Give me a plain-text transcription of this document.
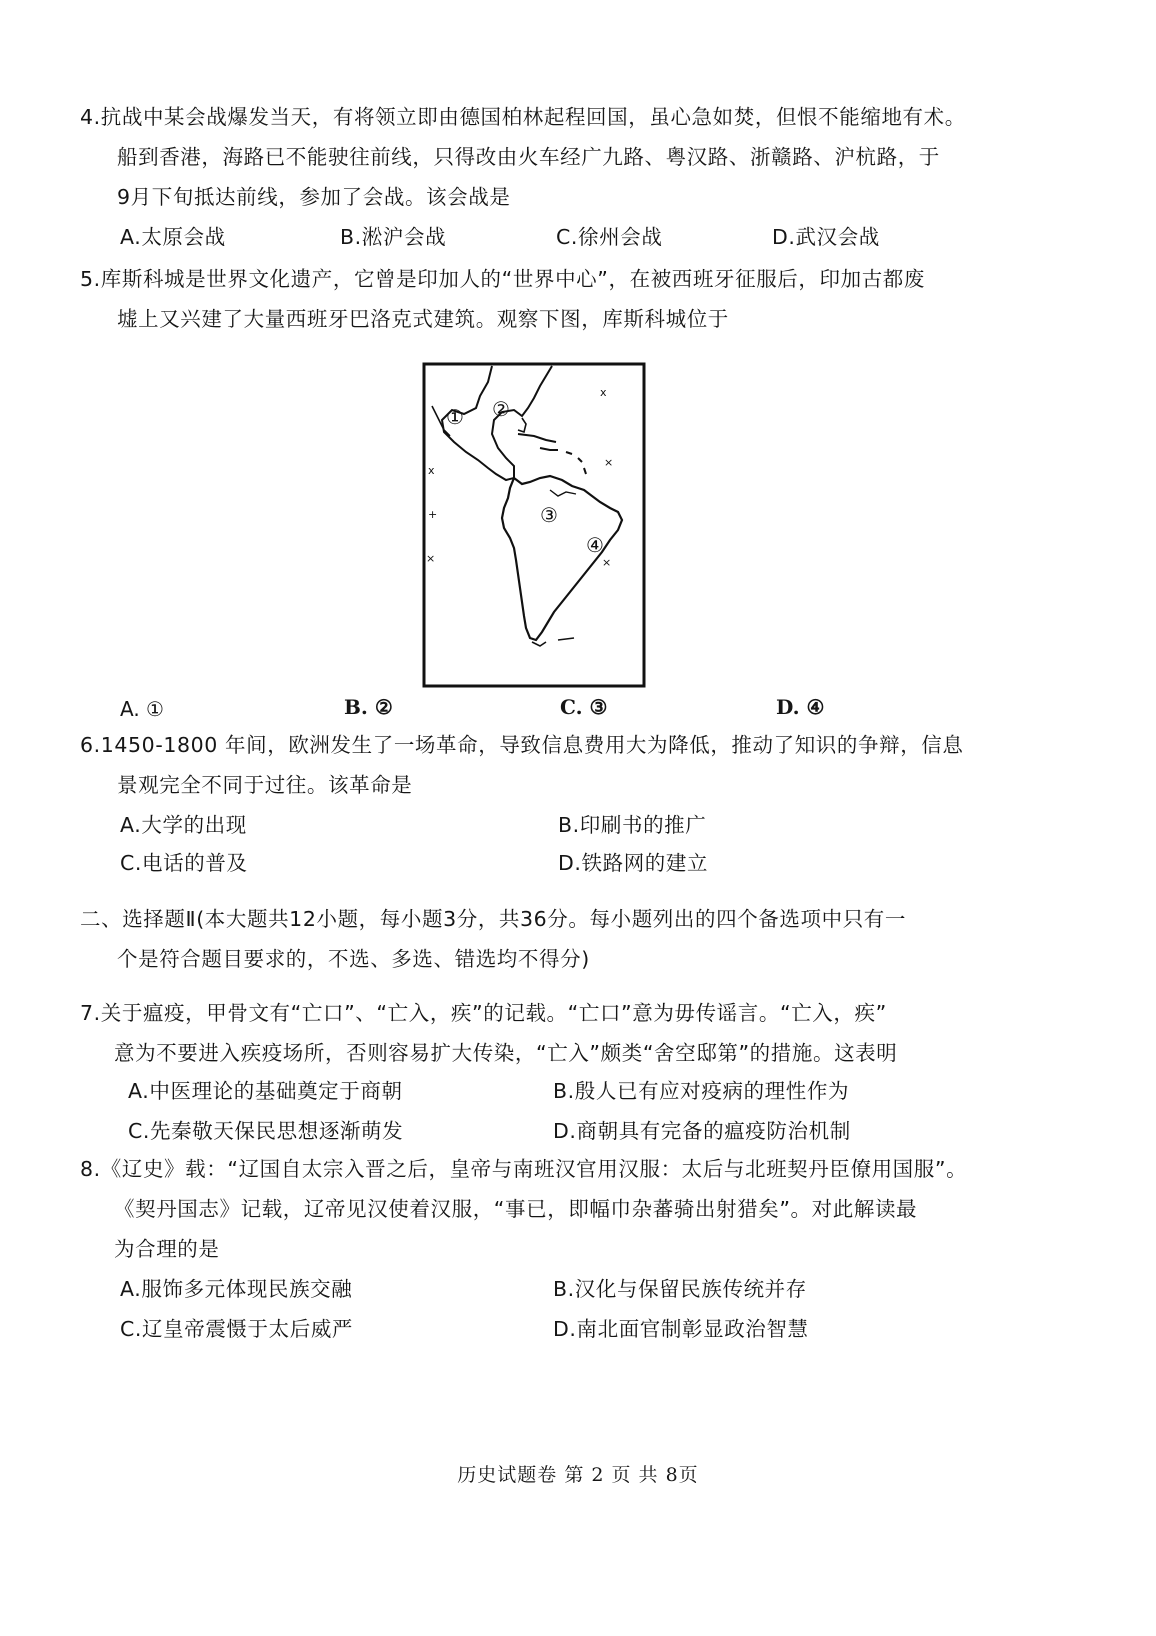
4.抗战中某会战爆发当天，有将领立即由德国柏林起程回国，虽心急如焚，但恨不能缩地有术。
船到香港，海路已不能驶往前线，只得改由火车经广九路、粤汉路、浙赣路、沪杭路，于
9月下旬抵达前线，参加了会战。该会战是
A.太原会战	B.淞沪会战	C.徐州会战	D.武汉会战
5.库斯科城是世界文化遗产，它曾是印加人的“世界中心”，在被西班牙征服后，印加古都废
墟上又兴建了大量西班牙巴洛克式建筑。观察下图，库斯科城位于
x
×
x
+
×	×
① ②
③
④
A. ①	B. ②	C. ③	D. ④
6.1450-1800 年间，欧洲发生了一场革命，导致信息费用大为降低，推动了知识的争辩，信息
景观完全不同于过往。该革命是
A.大学的出现	B.印刷书的推广
C.电话的普及	D.铁路网的建立
二、选择题Ⅱ(本大题共12小题，每小题3分，共36分。每小题列出的四个备选项中只有一
个是符合题目要求的，不选、多选、错选均不得分)
7.关于瘟疫，甲骨文有“亡口”、“亡入，疾”的记载。“亡口”意为毋传谣言。“亡入，疾”
意为不要进入疾疫场所，否则容易扩大传染，“亡入”颇类“舍空邸第”的措施。这表明
A.中医理论的基础奠定于商朝	B.殷人已有应对疫病的理性作为
C.先秦敬天保民思想逐渐萌发	D.商朝具有完备的瘟疫防治机制
8.《辽史》载：“辽国自太宗入晋之后，皇帝与南班汉官用汉服：太后与北班契丹臣僚用国服”。
《契丹国志》记载，辽帝见汉使着汉服，“事已，即幅巾杂蕃骑出射猎矣”。对此解读最
为合理的是
A.服饰多元体现民族交融	B.汉化与保留民族传统并存
C.辽皇帝震慑于太后威严	D.南北面官制彰显政治智慧
历史试题卷 第 2 页 共 8页
